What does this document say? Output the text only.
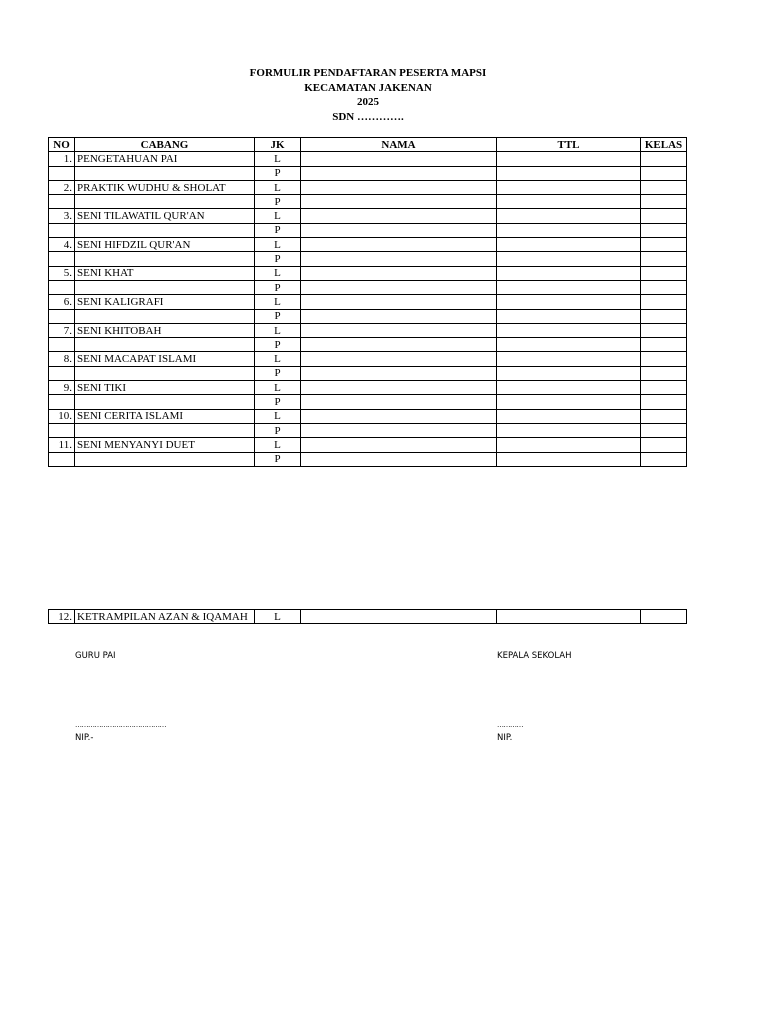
FORMULIR PENDAFTARAN PESERTA MAPSI
KECAMATAN JAKENAN
2025
SDN ………….
NO	CABANG	JK	NAMA	TTL	KELAS
1.	PENGETAHUAN PAI	L			
		P			
2.	PRAKTIK WUDHU & SHOLAT	L			
		P			
3.	SENI TILAWATIL QUR'AN	L			
		P			
4.	SENI HIFDZIL QUR'AN	L			
		P			
5.	SENI KHAT	L			
		P			
6.	SENI KALIGRAFI	L			
		P			
7.	SENI KHITOBAH	L			
		P			
8.	SENI MACAPAT ISLAMI	L			
		P			
9.	SENI TIKI	L			
		P			
10.	SENI CERITA ISLAMI	L			
		P			
11.	SENI MENYANYI DUET	L			
		P			
12.	KETRAMPILAN AZAN & IQAMAH	L			
GURU PAI
……………………………………
NIP.-
KEPALA SEKOLAH
…………
NIP.
